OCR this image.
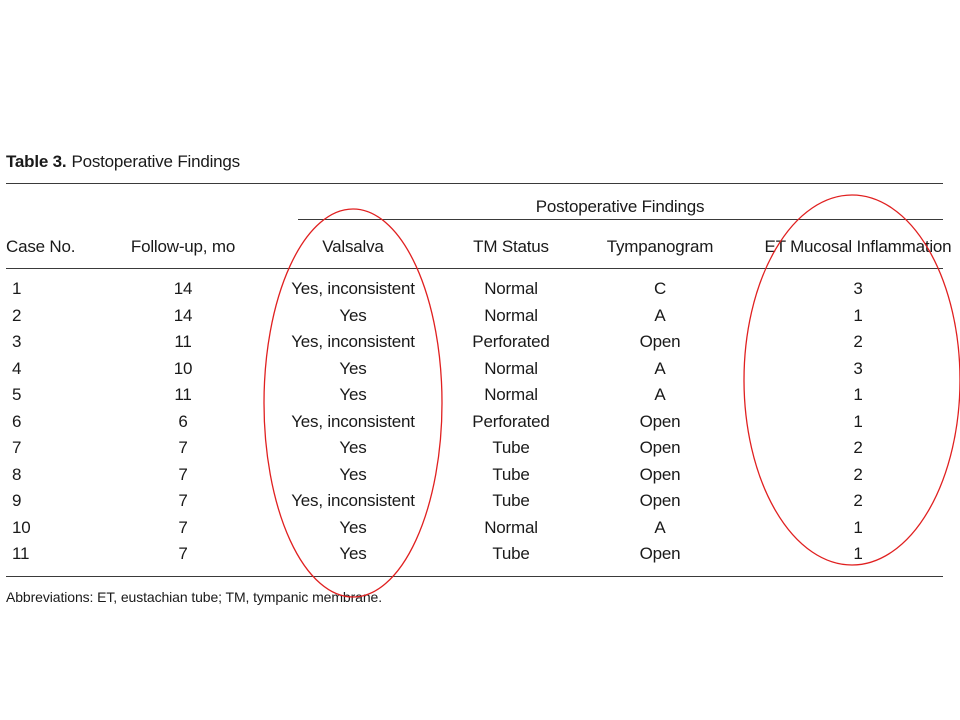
Table 3. Postoperative Findings
Postoperative Findings
Case No.	Follow-up, mo	Valsalva	TM Status	Tympanogram	ET Mucosal Inflammation
1	14	Yes, inconsistent	Normal	C	3
2	14	Yes	Normal	A	1
3	11	Yes, inconsistent	Perforated	Open	2
4	10	Yes	Normal	A	3
5	11	Yes	Normal	A	1
6	6	Yes, inconsistent	Perforated	Open	1
7	7	Yes	Tube	Open	2
8	7	Yes	Tube	Open	2
9	7	Yes, inconsistent	Tube	Open	2
10	7	Yes	Normal	A	1
11	7	Yes	Tube	Open	1
Abbreviations: ET, eustachian tube; TM, tympanic membrane.
